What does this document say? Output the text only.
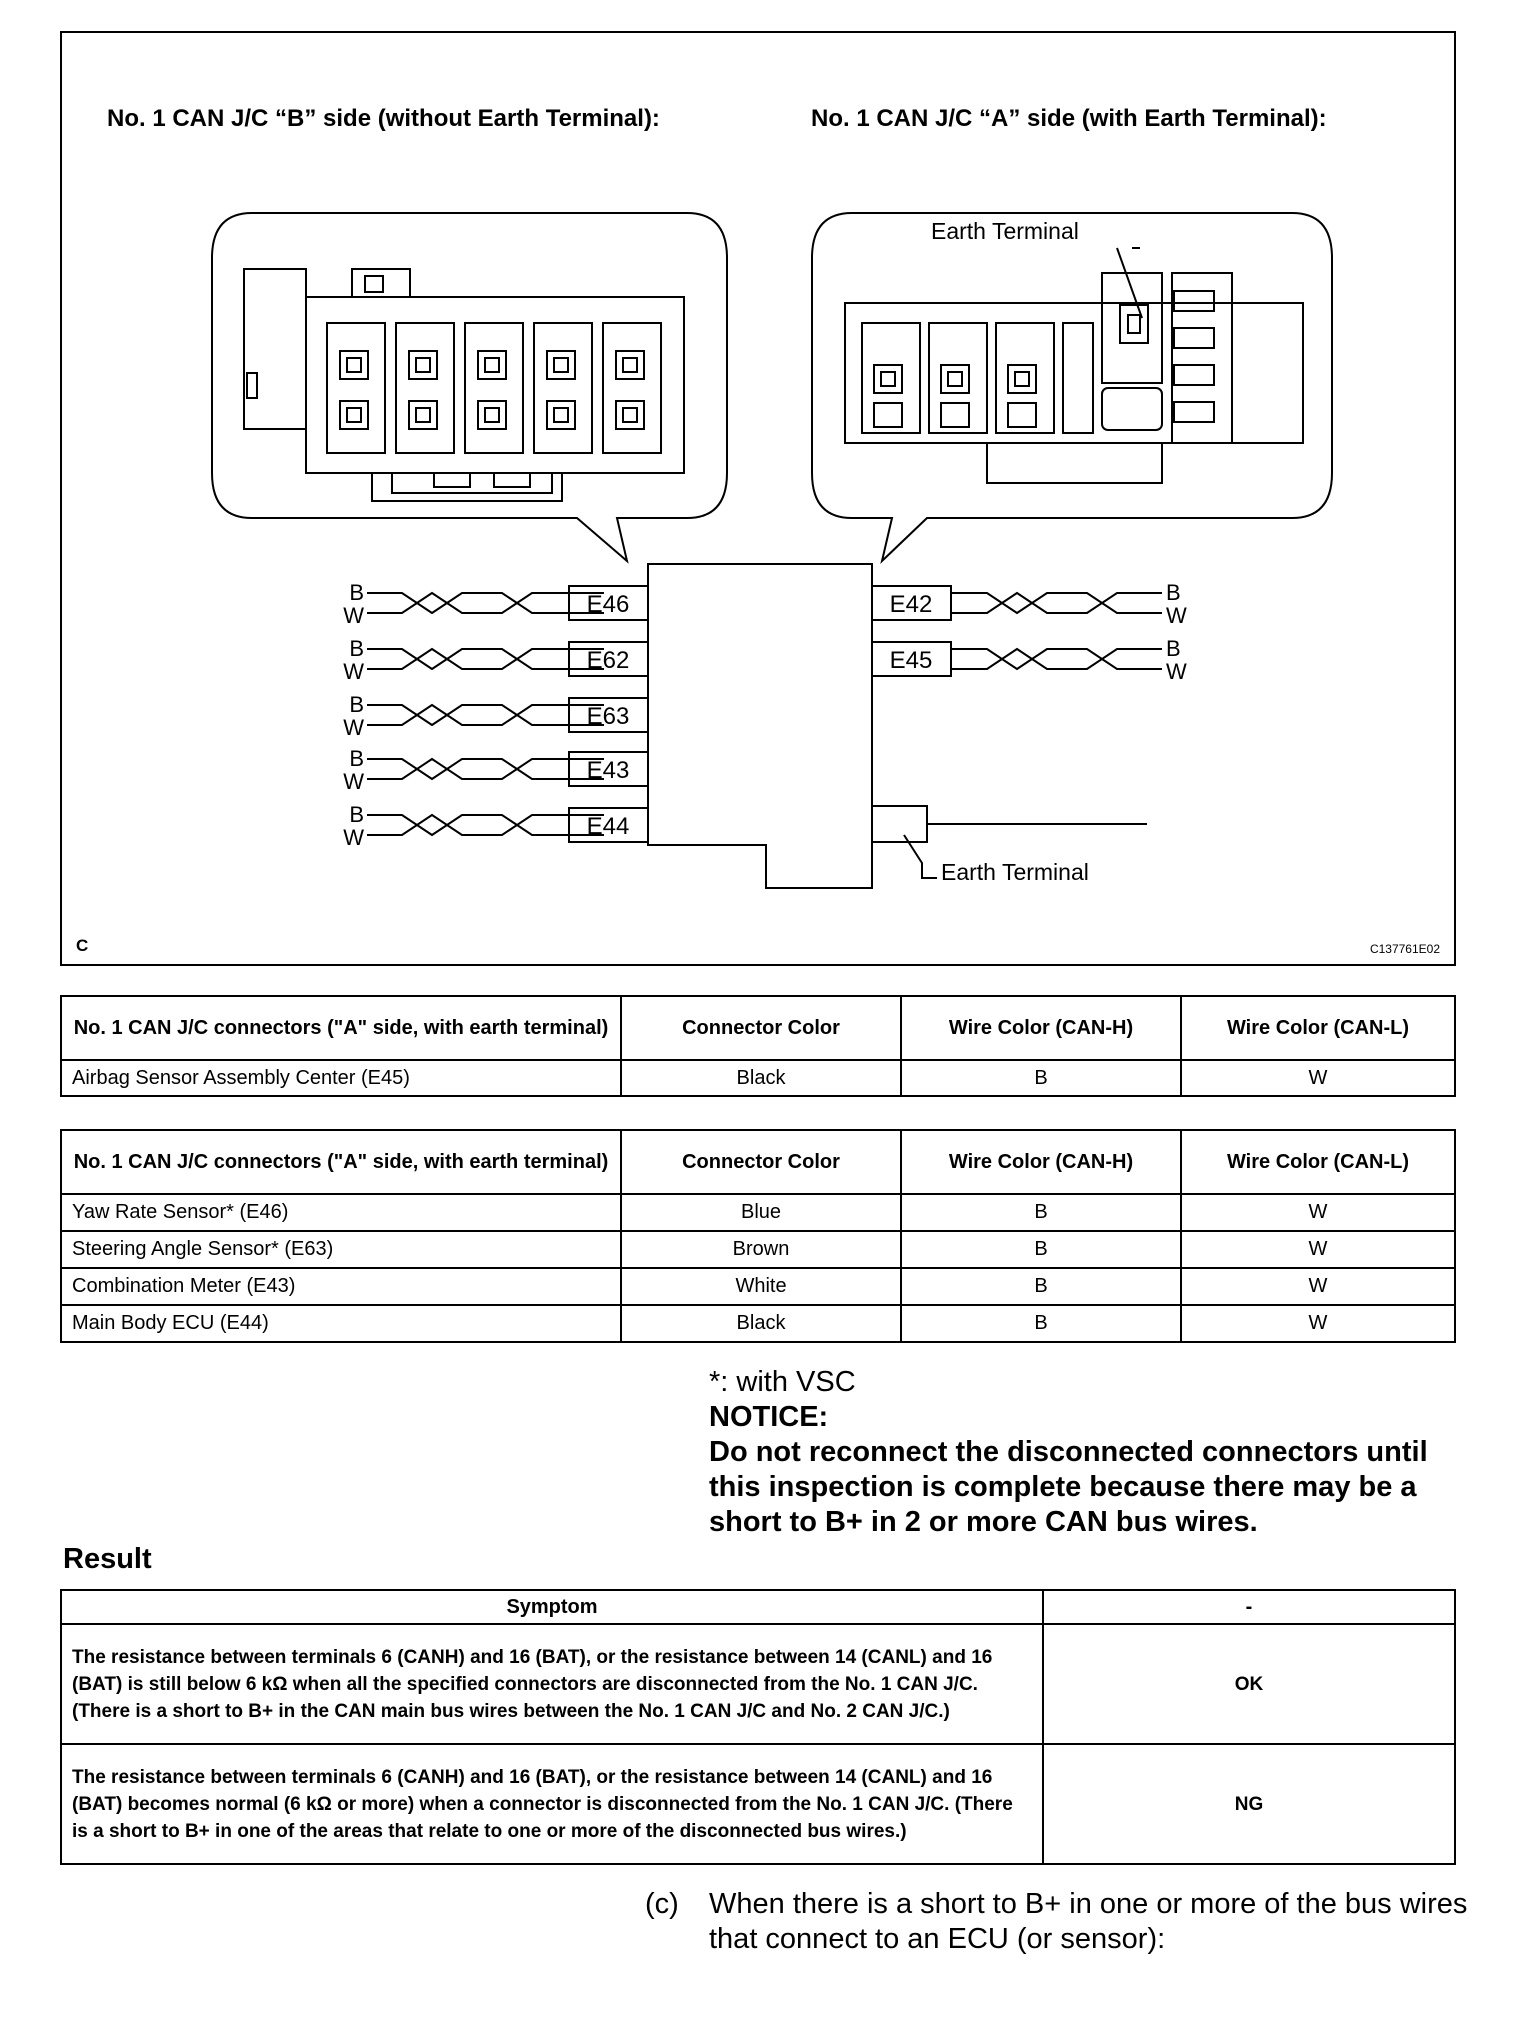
No. 1 CAN J/C “B” side (without Earth Terminal):	No. 1 CAN J/C “A” side (with Earth Terminal):
E46
E62
E63
E43
E44
E42
E45
B
W
B
W
B
W
B
W
B
W
B
W
B
W
Earth Terminal
Earth Terminal
C	C137761E02
No. 1 CAN J/C connectors ("A" side, with earth terminal)	Connector Color	Wire Color (CAN-H)	Wire Color (CAN-L)
Airbag Sensor Assembly Center (E45)	Black	B	W
No. 1 CAN J/C connectors ("A" side, with earth terminal)	Connector Color	Wire Color (CAN-H)	Wire Color (CAN-L)
Yaw Rate Sensor* (E46)	Blue	B	W
Steering Angle Sensor* (E63)	Brown	B	W
Combination Meter (E43)	White	B	W
Main Body ECU (E44)	Black	B	W
*: with VSC
NOTICE:
Do not reconnect the disconnected connectors until this inspection is complete because there may be a short to B+ in 2 or more CAN bus wires.
Result
Symptom	-
The resistance between terminals 6 (CANH) and 16 (BAT), or the resistance between 14 (CANL) and 16 (BAT) is still below 6 kΩ when all the specified connectors are disconnected from the No. 1 CAN J/C. (There is a short to B+ in the CAN main bus wires between the No. 1 CAN J/C and No. 2 CAN J/C.)	OK
The resistance between terminals 6 (CANH) and 16 (BAT), or the resistance between 14 (CANL) and 16 (BAT) becomes normal (6 kΩ or more) when a connector is disconnected from the No. 1 CAN J/C. (There is a short to B+ in one of the areas that relate to one or more of the disconnected bus wires.)	NG
(c) When there is a short to B+ in one or more of the bus wires that connect to an ECU (or sensor):
